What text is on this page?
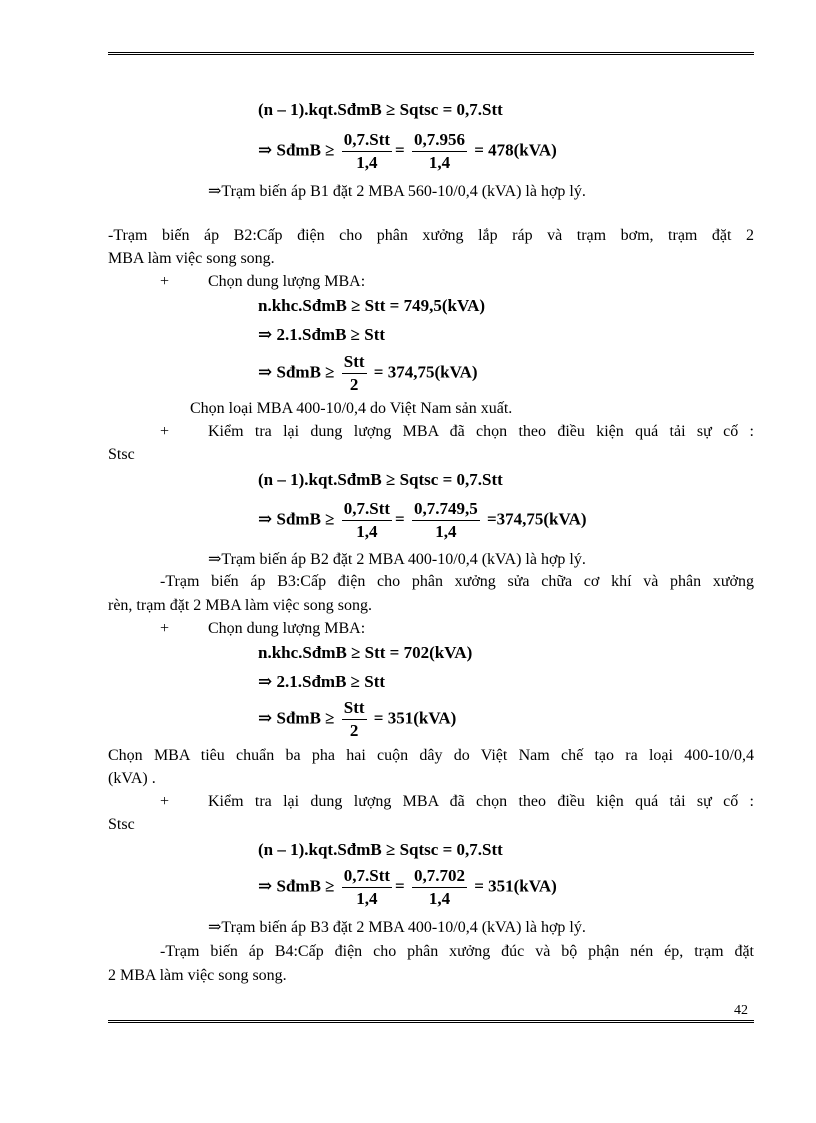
(n – 1).kqt.SđmB ≥ Sqtsc = 0,7.Stt
⇒ SđmB ≥ $\frac{\text{0,7.Stt}}{1,4} = \frac{0,7.956}{1,4} = 478(kVA)$
⇒Trạm biến áp B1 đặt 2 MBA 560-10/0,4 (kVA) là hợp lý.
-Trạm biến áp B2:Cấp điện cho phân xưởng lắp ráp và trạm bơm, trạm đặt 2
MBA làm việc song song.
+ Chọn dung lượng MBA:
n.khc.SđmB ≥ Stt = 749,5(kVA)
⇒ 2.1.SđmB ≥ Stt
⇒ SđmB ≥ $\frac{\text{Stt}}{2} = 374,75(kVA)$
Chọn loại MBA 400-10/0,4 do Việt Nam sản xuất.
+ Kiểm tra lại dung lượng MBA đã chọn theo điều kiện quá tải sự cố :
Stsc
(n – 1).kqt.SđmB ≥ Sqtsc = 0,7.Stt
⇒ SđmB ≥ $\frac{\text{0,7.Stt}}{1,4} = \frac{0,7.749,5}{1,4} =374,75(kVA)$
⇒Trạm biến áp B2 đặt 2 MBA 400-10/0,4 (kVA) là hợp lý.
-Trạm biến áp B3:Cấp điện cho phân xưởng sửa chữa cơ khí và phân xưởng
rèn, trạm đặt 2 MBA làm việc song song.
+ Chọn dung lượng MBA:
n.khc.SđmB ≥ Stt = 702(kVA)
⇒ 2.1.SđmB ≥ Stt
⇒ SđmB ≥ $\frac{\text{Stt}}{2} = 351(kVA)$
Chọn MBA tiêu chuẩn ba pha hai cuộn dây do Việt Nam chế tạo ra loại 400-10/0,4
(kVA) .
+ Kiểm tra lại dung lượng MBA đã chọn theo điều kiện quá tải sự cố :
Stsc
(n – 1).kqt.SđmB ≥ Sqtsc = 0,7.Stt
⇒ SđmB ≥ $\frac{\text{0,7.Stt}}{1,4} = \frac{0,7.702}{1,4} = 351(kVA)$
⇒Trạm biến áp B3 đặt 2 MBA 400-10/0,4 (kVA) là hợp lý.
-Trạm biến áp B4:Cấp điện cho phân xưởng đúc và bộ phận nén ép, trạm đặt
2 MBA làm việc song song.
42
